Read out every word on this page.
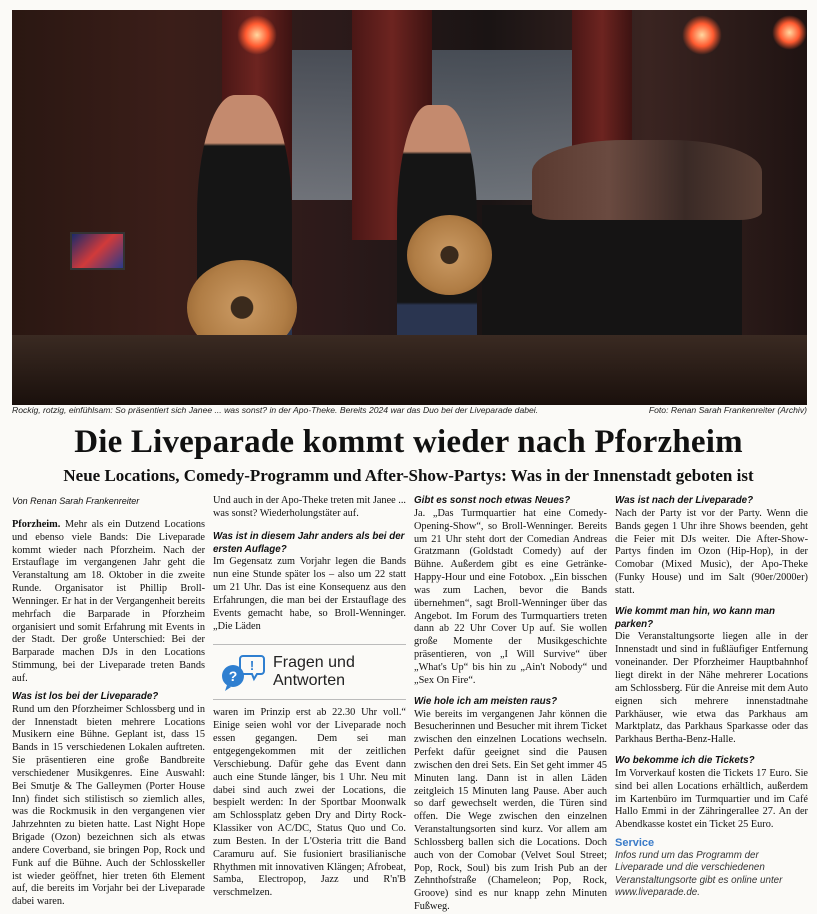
Rockig, rotzig, einfühlsam: So präsentiert sich Janee ... was sonst? in der Apo-Theke. Bereits 2024 war das Duo bei der Liveparade dabei.	Foto: Renan Sarah Frankenreiter (Archiv)
Die Liveparade kommt wieder nach Pforzheim
Neue Locations, Comedy-Programm und After-Show-Partys: Was in der Innenstadt geboten ist
Von Renan Sarah Frankenreiter

Pforzheim. Mehr als ein Dutzend Locations und ebenso viele Bands: Die Liveparade kommt wieder nach Pforzheim. Nach der Erstauflage im vergangenen Jahr geht die Veranstaltung am 18. Oktober in die zweite Runde. Organisator ist Phillip Broll-Wenninger. Er hat in der Vergangenheit bereits mehrfach die Barparade in Pforzheim organisiert und somit Erfahrung mit Events in der Stadt. Der große Unterschied: Bei der Barparade machen DJs in den Locations Stimmung, bei der Liveparade treten Bands auf.

Was ist los bei der Liveparade?

Rund um den Pforzheimer Schlossberg und in der Innenstadt bieten mehrere Locations Musikern eine Bühne. Geplant ist, dass 15 Bands in 15 verschiedenen Lokalen auftreten. Sie präsentieren eine große Bandbreite verschiedener Musikgenres. Eine Auswahl: Bei Smutje & The Galleymen (Porter House Inn) findet sich stilistisch so ziemlich alles, was die Rockmusik in den vergangenen vier Jahrzehnten zu bieten hatte. Last Night Hope Brigade (Ozon) bezeichnen sich als etwas andere Coverband, sie bringen Pop, Rock und Funk auf die Bühne. Auch der Schlosskeller ist wieder geöffnet, hier treten 6th Element auf, die bereits im Vorjahr bei der Liveparade dabei waren.

Und auch in der Apo-Theke treten mit Janee ... was sonst? Wiederholungstäter auf.

Was ist in diesem Jahr anders als bei der ersten Auflage?

Im Gegensatz zum Vorjahr legen die Bands nun eine Stunde später los – also um 22 statt um 21 Uhr. Das ist eine Konsequenz aus den Erfahrungen, die man bei der Erstauflage des Events gemacht habe, so Broll-Wenninger. „Die Läden

!
?
Fragen und
Antworten

waren im Prinzip erst ab 22.30 Uhr voll.“ Einige seien wohl vor der Liveparade noch essen gegangen. Dem sei man entgegengekommen mit der zeitlichen Verschiebung. Dafür gehe das Event dann auch eine Stunde länger, bis 1 Uhr. Neu mit dabei sind auch zwei der Locations, die bespielt werden: In der Sportbar Moonwalk am Schlossplatz geben Dry and Dirty Rock-Klassiker von AC/DC, Status Quo und Co. zum Besten. In der L'Osteria tritt die Band Caramuru auf. Sie fusioniert brasilianische Rhythmen mit innovativen Klängen; Afrobeat, Samba, Electropop, Jazz und R'n'B verschmelzen.

Gibt es sonst noch etwas Neues?

Ja. „Das Turmquartier hat eine Comedy-Opening-Show“, so Broll-Wenninger. Bereits um 21 Uhr steht dort der Comedian Andreas Gratzmann (Goldstadt Comedy) auf der Bühne. Außerdem gibt es eine Getränke-Happy-Hour und eine Fotobox. „Ein bisschen was zum Lachen, bevor die Bands übernehmen“, sagt Broll-Wenninger über das Angebot. Im Forum des Turmquartiers treten dann ab 22 Uhr Cover Up auf. Sie wollen große Momente der Musikgeschichte präsentieren, von „I Will Survive“ über „What's Up“ bis hin zu „Ain't Nobody“ und „Sex On Fire“.

Wie hole ich am meisten raus?

Wie bereits im vergangenen Jahr können die Besucherinnen und Besucher mit ihrem Ticket zwischen den einzelnen Locations wechseln. Perfekt dafür geeignet sind die Pausen zwischen den drei Sets. Ein Set geht immer 45 Minuten lang. Dann ist in allen Läden zeitgleich 15 Minuten lang Pause. Aber auch so darf gewechselt werden, die Türen sind offen. Die Wege zwischen den einzelnen Veranstaltungsorten sind kurz. Vor allem am Schlossberg ballen sich die Locations. Doch auch von der Comobar (Velvet Soul Street; Pop, Rock, Soul) bis zum Irish Pub an der Zehnthofstraße (Chameleon; Pop, Rock, Groove) sind es nur knapp zehn Minuten Fußweg.

Was ist nach der Liveparade?

Nach der Party ist vor der Party. Wenn die Bands gegen 1 Uhr ihre Shows beenden, geht die Feier mit DJs weiter. Die After-Show-Partys finden im Ozon (Hip-Hop), in der Comobar (Mixed Music), der Apo-Theke (Funky House) und im Salt (90er/2000er) statt.

Wie kommt man hin, wo kann man parken?

Die Veranstaltungsorte liegen alle in der Innenstadt und sind in fußläufiger Entfernung voneinander. Der Pforzheimer Hauptbahnhof liegt direkt in der Nähe mehrerer Locations am Schlossberg. Für die Anreise mit dem Auto eignen sich mehrere innenstadtnahe Parkhäuser, wie etwa das Parkhaus am Marktplatz, das Parkhaus Sparkasse oder das Parkhaus Bertha-Benz-Halle.

Wo bekomme ich die Tickets?

Im Vorverkauf kosten die Tickets 17 Euro. Sie sind bei allen Locations erhältlich, außerdem im Kartenbüro im Turmquartier und im Café Hallo Emmi in der Zähringerallee 27. An der Abendkasse kostet ein Ticket 25 Euro.

Service
Infos rund um das Programm der Liveparade und die verschiedenen Veranstaltungsorte gibt es online unter www.liveparade.de.
